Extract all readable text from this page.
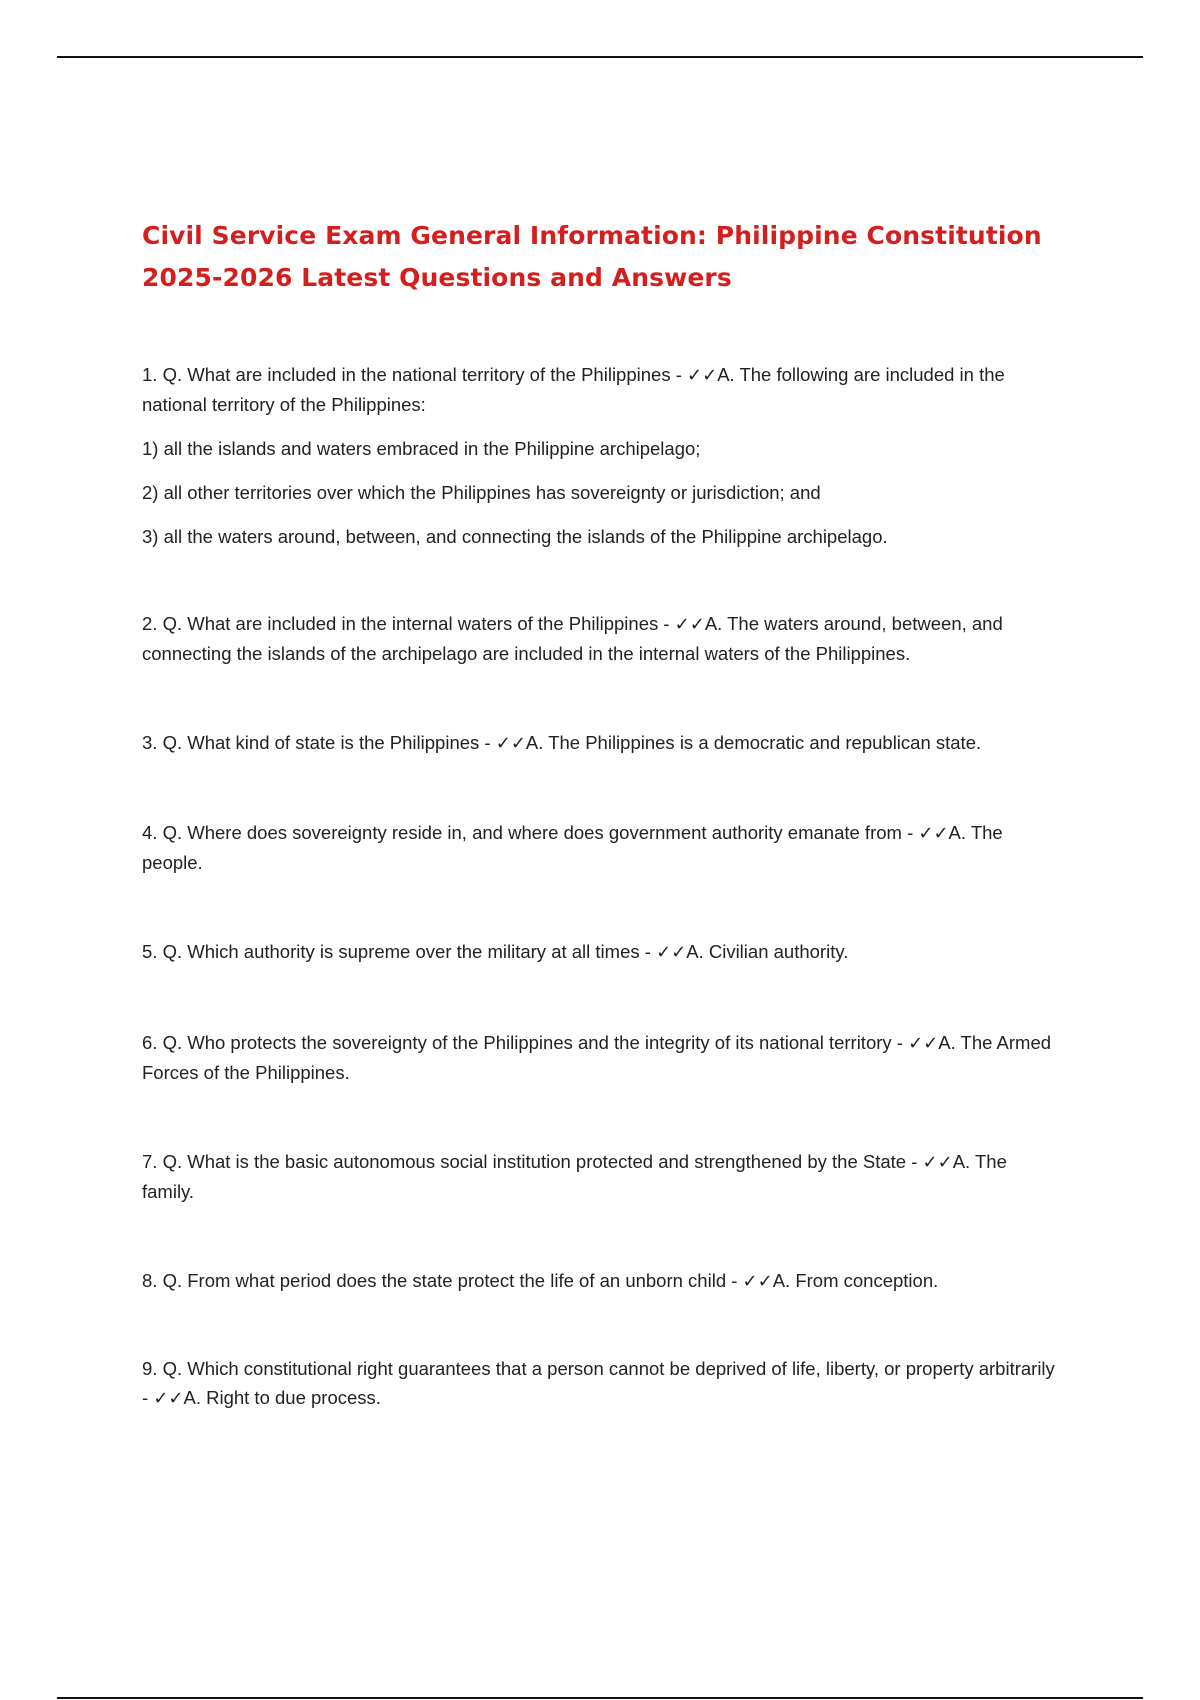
Civil Service Exam General Information: Philippine Constitution 2025-2026 Latest Questions and Answers

1. Q. What are included in the national territory of the Philippines - ✓✓A. The following are included in the national territory of the Philippines:
1) all the islands and waters embraced in the Philippine archipelago;
2) all other territories over which the Philippines has sovereignty or jurisdiction; and
3) all the waters around, between, and connecting the islands of the Philippine archipelago.

2. Q. What are included in the internal waters of the Philippines - ✓✓A. The waters around, between, and connecting the islands of the archipelago are included in the internal waters of the Philippines.

3. Q. What kind of state is the Philippines - ✓✓A. The Philippines is a democratic and republican state.

4. Q. Where does sovereignty reside in, and where does government authority emanate from - ✓✓A. The people.

5. Q. Which authority is supreme over the military at all times - ✓✓A. Civilian authority.

6. Q. Who protects the sovereignty of the Philippines and the integrity of its national territory - ✓✓A. The Armed Forces of the Philippines.

7. Q. What is the basic autonomous social institution protected and strengthened by the State - ✓✓A. The family.

8. Q. From what period does the state protect the life of an unborn child - ✓✓A. From conception.

9. Q. Which constitutional right guarantees that a person cannot be deprived of life, liberty, or property arbitrarily - ✓✓A. Right to due process.
